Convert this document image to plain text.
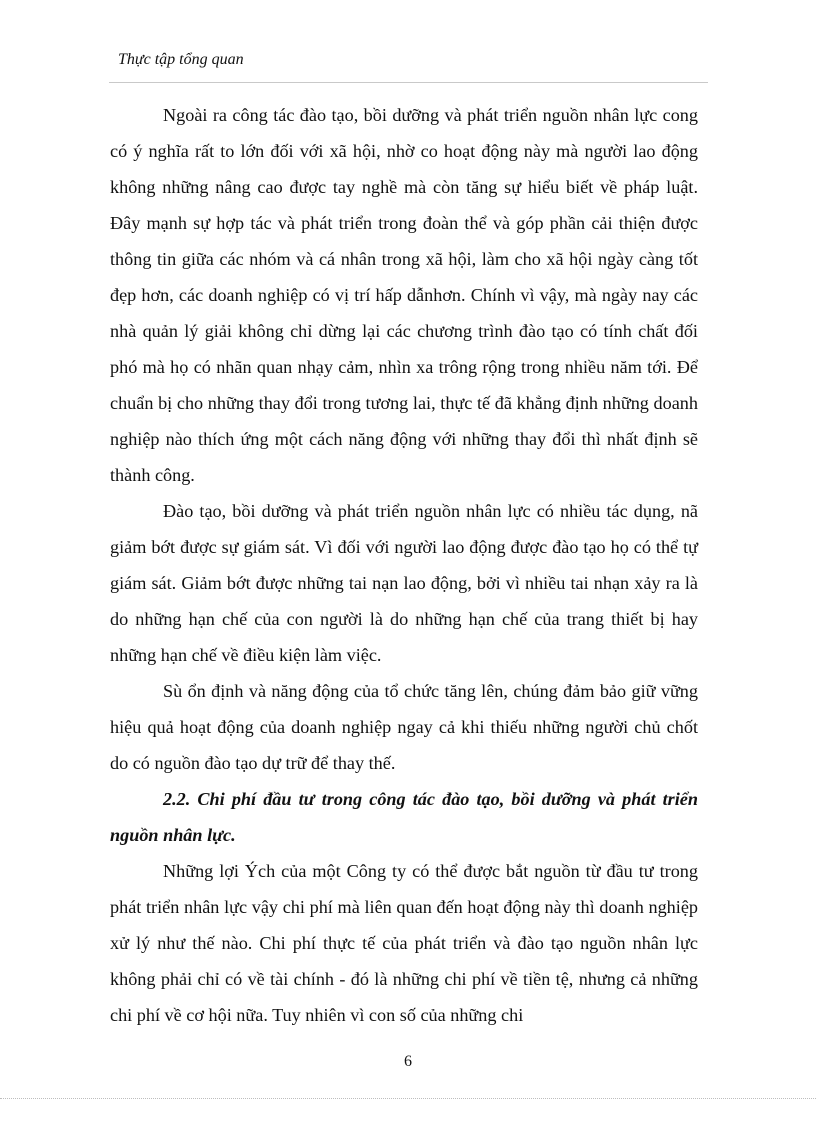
Thực tập tổng quan

Ngoài ra công tác đào tạo, bồi dưỡng và phát triển nguồn nhân lực cong có ý nghĩa rất to lớn đối với xã hội, nhờ co hoạt động này mà người lao động không những nâng cao được tay nghề mà còn tăng sự hiểu biết về pháp luật. Đây mạnh sự hợp tác và phát triển trong đoàn thể và góp phần cải thiện được thông tin giữa các nhóm và cá nhân trong xã hội, làm cho xã hội ngày càng tốt đẹp hơn, các doanh nghiệp có vị trí hấp dẫnhơn. Chính vì vậy, mà ngày nay các nhà quản lý giải không chỉ dừng lại các chương trình đào tạo có tính chất đối phó mà họ có nhãn quan nhạy cảm, nhìn xa trông rộng trong nhiều năm tới. Để chuẩn bị cho những thay đổi trong tương lai, thực tế đã khẳng định những doanh nghiệp nào thích ứng một cách năng động với những thay đổi thì nhất định sẽ thành công.

Đào tạo, bồi dưỡng và phát triển nguồn nhân lực có nhiều tác dụng, nã giảm bớt được sự giám sát. Vì đối với người lao động được đào tạo họ có thể tự giám sát. Giảm bớt được những tai nạn lao động, bởi vì nhiều tai nhạn xảy ra là do những hạn chế của con người là do những hạn chế của trang thiết bị hay những hạn chế về điều kiện làm việc.

Sù ổn định và năng động của tổ chức tăng lên, chúng đảm bảo giữ vững hiệu quả hoạt động của doanh nghiệp ngay cả khi thiếu những người chủ chốt do có nguồn đào tạo dự trữ để thay thế.

2.2. Chi phí đầu tư trong công tác đào tạo, bồi dưỡng và phát triển nguồn nhân lực.

Những lợi Ých của một Công ty có thể được bắt nguồn từ đầu tư trong phát triển nhân lực vậy chi phí mà liên quan đến hoạt động này thì doanh nghiệp xử lý như thế nào. Chi phí thực tế của phát triển và đào tạo nguồn nhân lực không phải chỉ có về tài chính - đó là những chi phí về tiền tệ, nhưng cả những chi phí về cơ hội nữa. Tuy nhiên vì con số của những chi

6
